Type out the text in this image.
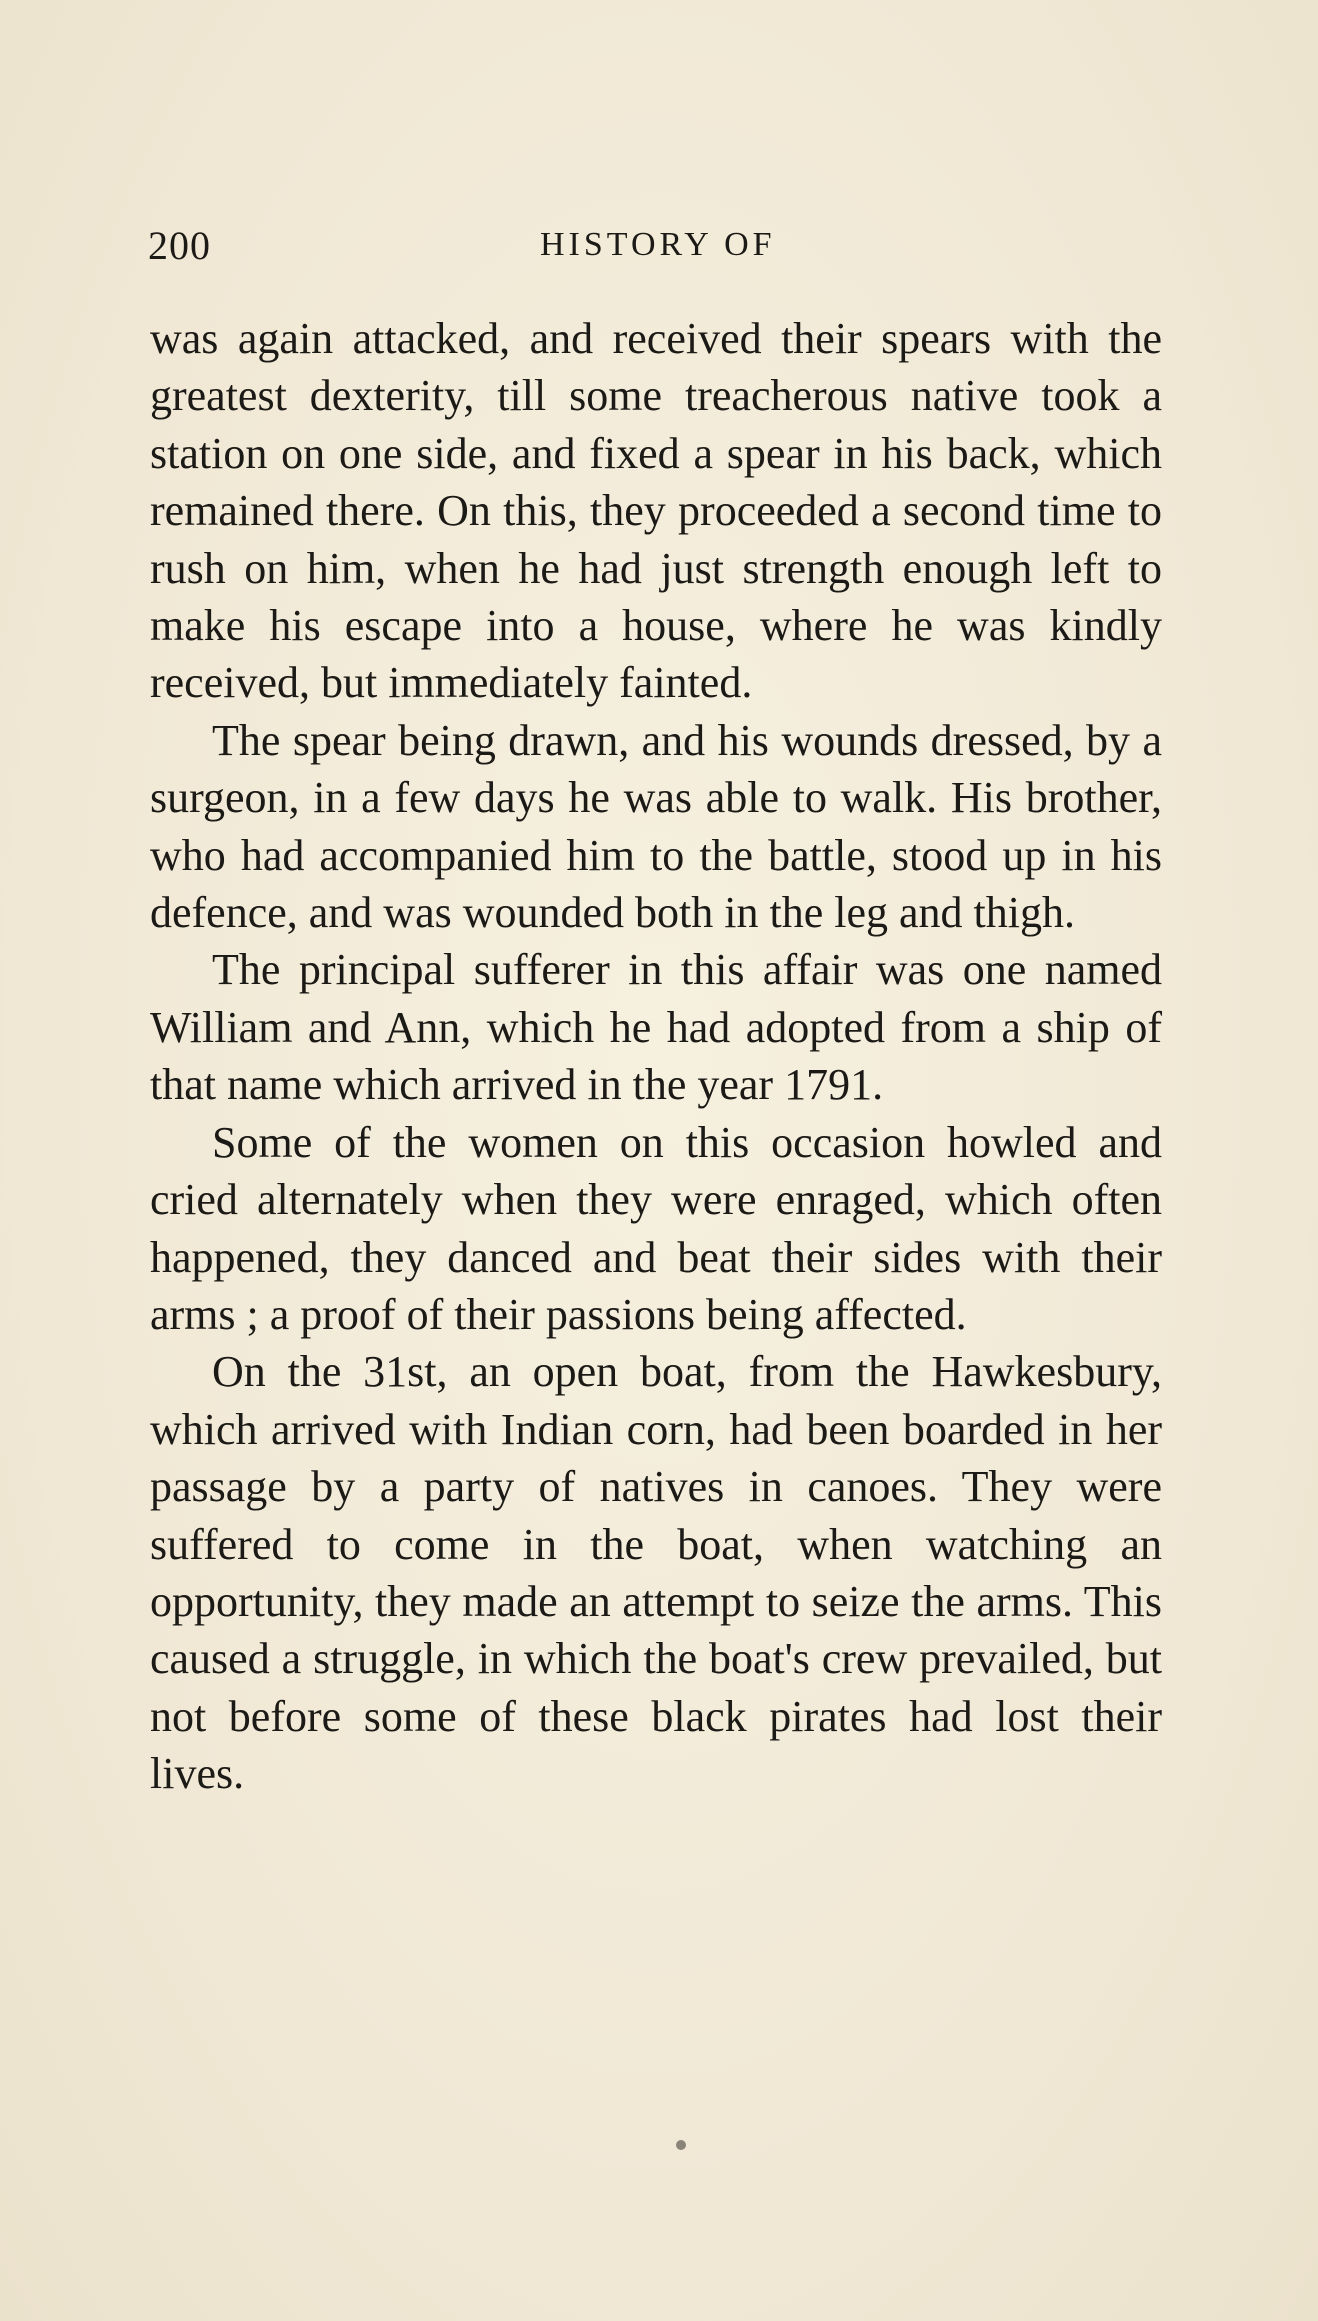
200	HISTORY OF

was again attacked, and received their spears with the greatest dexterity, till some treacherous native took a station on one side, and fixed a spear in his back, which remained there. On this, they proceeded a second time to rush on him, when he had just strength enough left to make his escape into a house, where he was kindly received, but immediately fainted.

The spear being drawn, and his wounds dressed, by a surgeon, in a few days he was able to walk. His brother, who had accompanied him to the battle, stood up in his defence, and was wounded both in the leg and thigh.

The principal sufferer in this affair was one named William and Ann, which he had adopted from a ship of that name which arrived in the year 1791.

Some of the women on this occasion howled and cried alternately when they were enraged, which often happened, they danced and beat their sides with their arms ; a proof of their passions being affected.

On the 31st, an open boat, from the Hawkesbury, which arrived with Indian corn, had been boarded in her passage by a party of natives in canoes. They were suffered to come in the boat, when watching an opportunity, they made an attempt to seize the arms. This caused a struggle, in which the boat's crew prevailed, but not before some of these black pirates had lost their lives.
